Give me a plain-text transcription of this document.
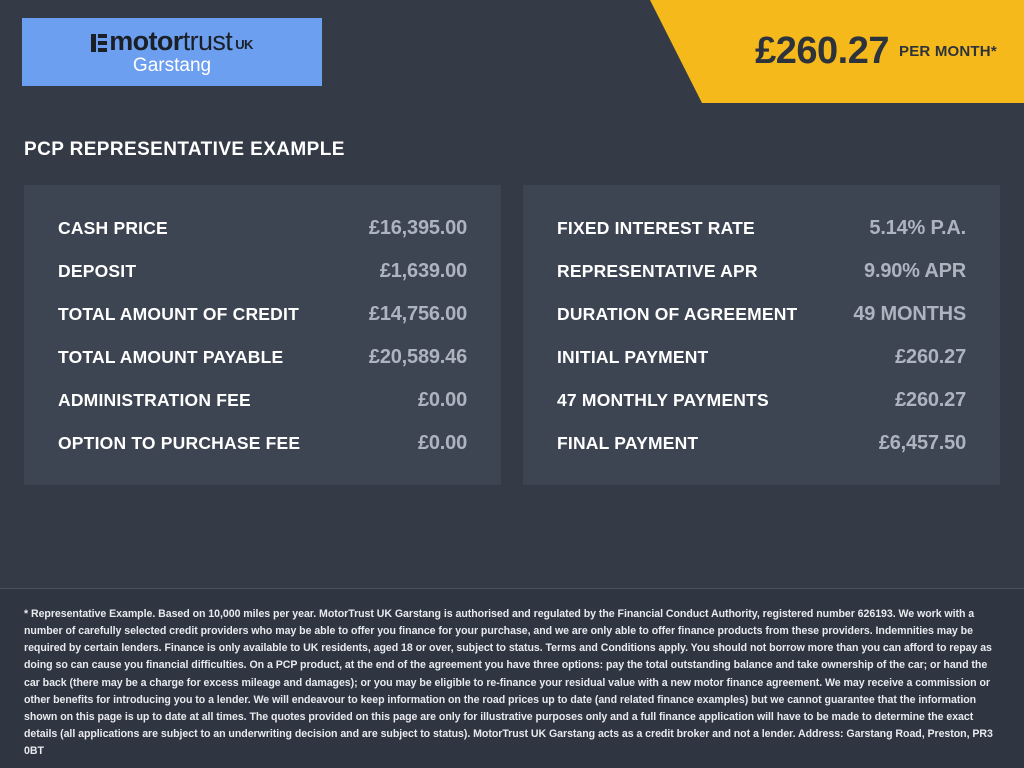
motor trust UK
Garstang	£260.27 PER MONTH*
PCP REPRESENTATIVE EXAMPLE
CASH PRICE	£16,395.00
DEPOSIT	£1,639.00
TOTAL AMOUNT OF CREDIT	£14,756.00
TOTAL AMOUNT PAYABLE	£20,589.46
ADMINISTRATION FEE	£0.00
OPTION TO PURCHASE FEE	£0.00
FIXED INTEREST RATE	5.14% P.A.
REPRESENTATIVE APR	9.90% APR
DURATION OF AGREEMENT	49 MONTHS
INITIAL PAYMENT	£260.27
47 MONTHLY PAYMENTS	£260.27
FINAL PAYMENT	£6,457.50

* Representative Example. Based on 10,000 miles per year. MotorTrust UK Garstang is authorised and regulated by the Financial Conduct Authority, registered number 626193. We work with a number of carefully selected credit providers who may be able to offer you finance for your purchase, and we are only able to offer finance products from these providers. Indemnities may be required by certain lenders. Finance is only available to UK residents, aged 18 or over, subject to status. Terms and Conditions apply. You should not borrow more than you can afford to repay as doing so can cause you financial difficulties. On a PCP product, at the end of the agreement you have three options: pay the total outstanding balance and take ownership of the car; or hand the car back (there may be a charge for excess mileage and damages); or you may be eligible to re-finance your residual value with a new motor finance agreement. We may receive a commission or other benefits for introducing you to a lender. We will endeavour to keep information on the road prices up to date (and related finance examples) but we cannot guarantee that the information shown on this page is up to date at all times. The quotes provided on this page are only for illustrative purposes only and a full finance application will have to be made to determine the exact details (all applications are subject to an underwriting decision and are subject to status). MotorTrust UK Garstang acts as a credit broker and not a lender. Address: Garstang Road, Preston, PR3 0BT
